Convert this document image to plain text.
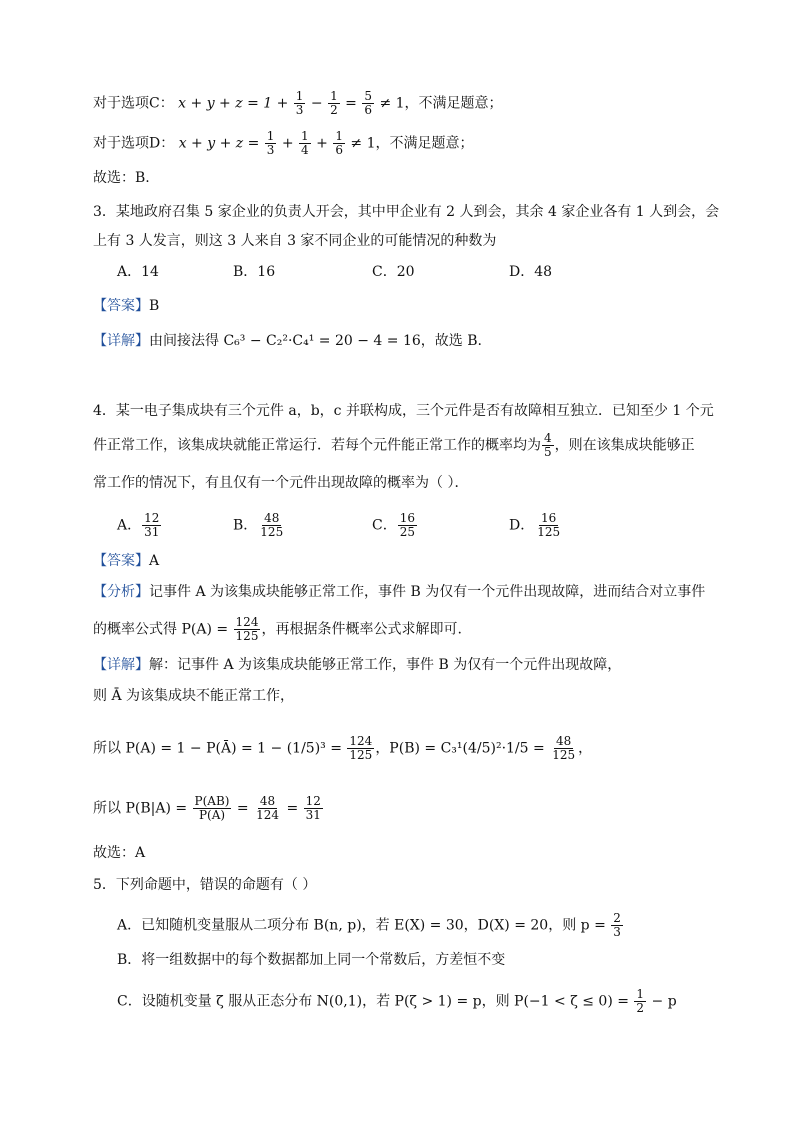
对于选项C： $x + y + z = 1 + \frac{1}{3} - \frac{1}{2} = \frac{5}{6} \ne 1$，不满足题意；
对于选项D： $x + y + z = \frac{1}{3} + \frac{1}{4} + \frac{1}{6} \ne 1$，不满足题意；
故选：B.
3．某地政府召集 5 家企业的负责人开会，其中甲企业有 2 人到会，其余 4 家企业各有 1 人到会，会
上有 3 人发言，则这 3 人来自 3 家不同企业的可能情况的种数为
A．14	B．16	C．20	D．48
【答案】B
【详解】由间接法得 C₆³ − C₂²·C₄¹ = 20 − 4 = 16，故选 B.
4．某一电子集成块有三个元件 a，b，c 并联构成，三个元件是否有故障相互独立．已知至少 1 个元
件正常工作，该集成块就能正常运行．若每个元件能正常工作的概率均为 $\frac{4}{5}$ ，则在该集成块能够正
常工作的情况下，有且仅有一个元件出现故障的概率为（ ）．
A． $\frac{12}{31}$	B． $\frac{48}{125}$	C． $\frac{16}{25}$	D． $\frac{16}{125}$
【答案】A
【分析】记事件 A 为该集成块能够正常工作，事件 B 为仅有一个元件出现故障，进而结合对立事件
的概率公式得 $P(A) = \frac{124}{125}$ ，再根据条件概率公式求解即可.
【详解】解：记事件 A 为该集成块能够正常工作，事件 B 为仅有一个元件出现故障，
则 Ā 为该集成块不能正常工作，
所以 P(A) = 1 − P(Ā) = $1 - (1/5)^3 = \frac{124}{125}$ ，$P(B) = C_3^1(4/5)^2\cdot 1/5 = \frac{48}{125}$ ，
所以 $P(B|A) = \frac{P(AB)}{P(A)} = \frac{48}{124} = \frac{12}{31}$
故选：A
5．下列命题中，错误的命题有（ ）
A．已知随机变量服从二项分布 B(n, p)，若 E(X) = 30，D(X) = 20，则 $p = \frac{2}{3}$
B．将一组数据中的每个数据都加上同一个常数后，方差恒不变
C．设随机变量 ζ 服从正态分布 N(0,1)，若 P(ζ > 1) = p，则 $P(-1 < \zeta \le 0) = \frac{1}{2} - p$
